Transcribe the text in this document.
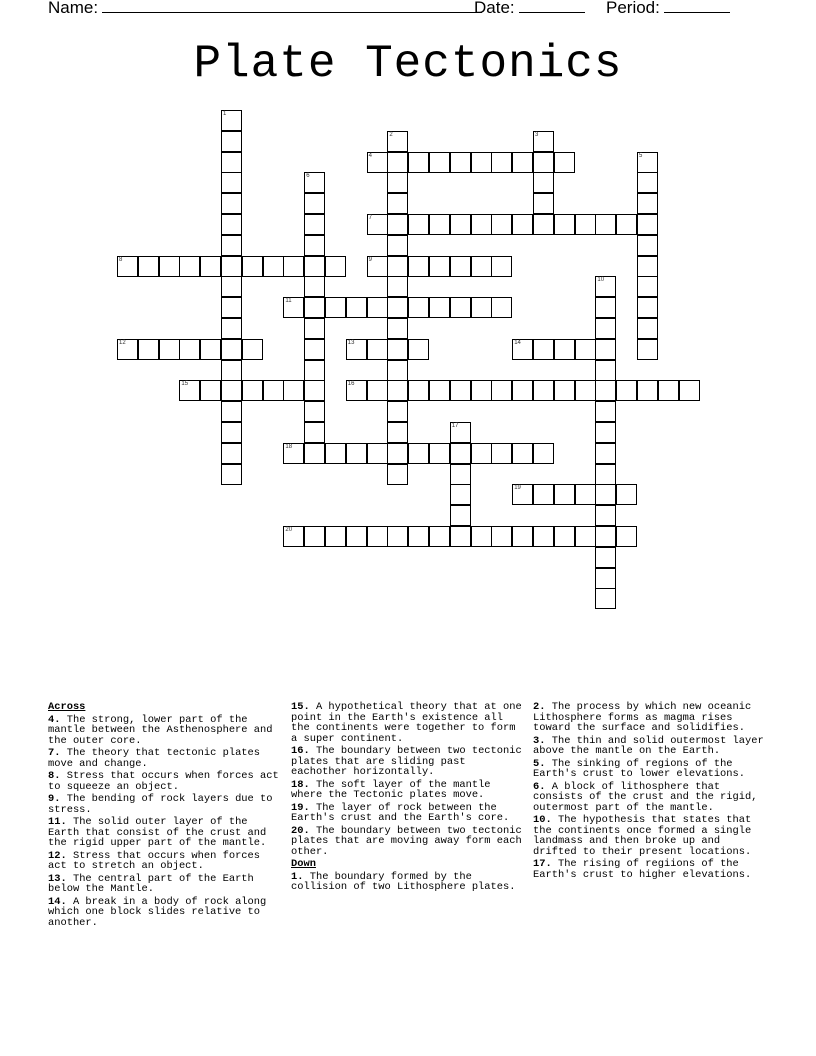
Name:	Date:	Period:
Plate Tectonics
1
2	3
4	5
6
7
8	9
10
11
12	13	14
15	16
17
18
19
20
Across
4. The strong, lower part of the mantle between the Asthenosphere and the outer core.
7. The theory that tectonic plates move and change.
8. Stress that occurs when forces act to squeeze an object.
9. The bending of rock layers due to stress.
11. The solid outer layer of the Earth that consist of the crust and the rigid upper part of the mantle.
12. Stress that occurs when forces act to stretch an object.
13. The central part of the Earth below the Mantle.
14. A break in a body of rock along which one block slides relative to another.
15. A hypothetical theory that at one point in the Earth's existence all the continents were together to form a super continent.
16. The boundary between two tectonic plates that are sliding past eachother horizontally.
18. The soft layer of the mantle where the Tectonic plates move.
19. The layer of rock between the Earth's crust and the Earth's core.
20. The boundary between two tectonic plates that are moving away form each other.
Down
1. The boundary formed by the collision of two Lithosphere plates.
2. The process by which new oceanic Lithosphere forms as magma rises toward the surface and solidifies.
3. The thin and solid outermost layer above the mantle on the Earth.
5. The sinking of regions of the Earth's crust to lower elevations.
6. A block of lithosphere that consists of the crust and the rigid, outermost part of the mantle.
10. The hypothesis that states that the continents once formed a single landmass and then broke up and drifted to their present locations.
17. The rising of regiions of the Earth's crust to higher elevations.
